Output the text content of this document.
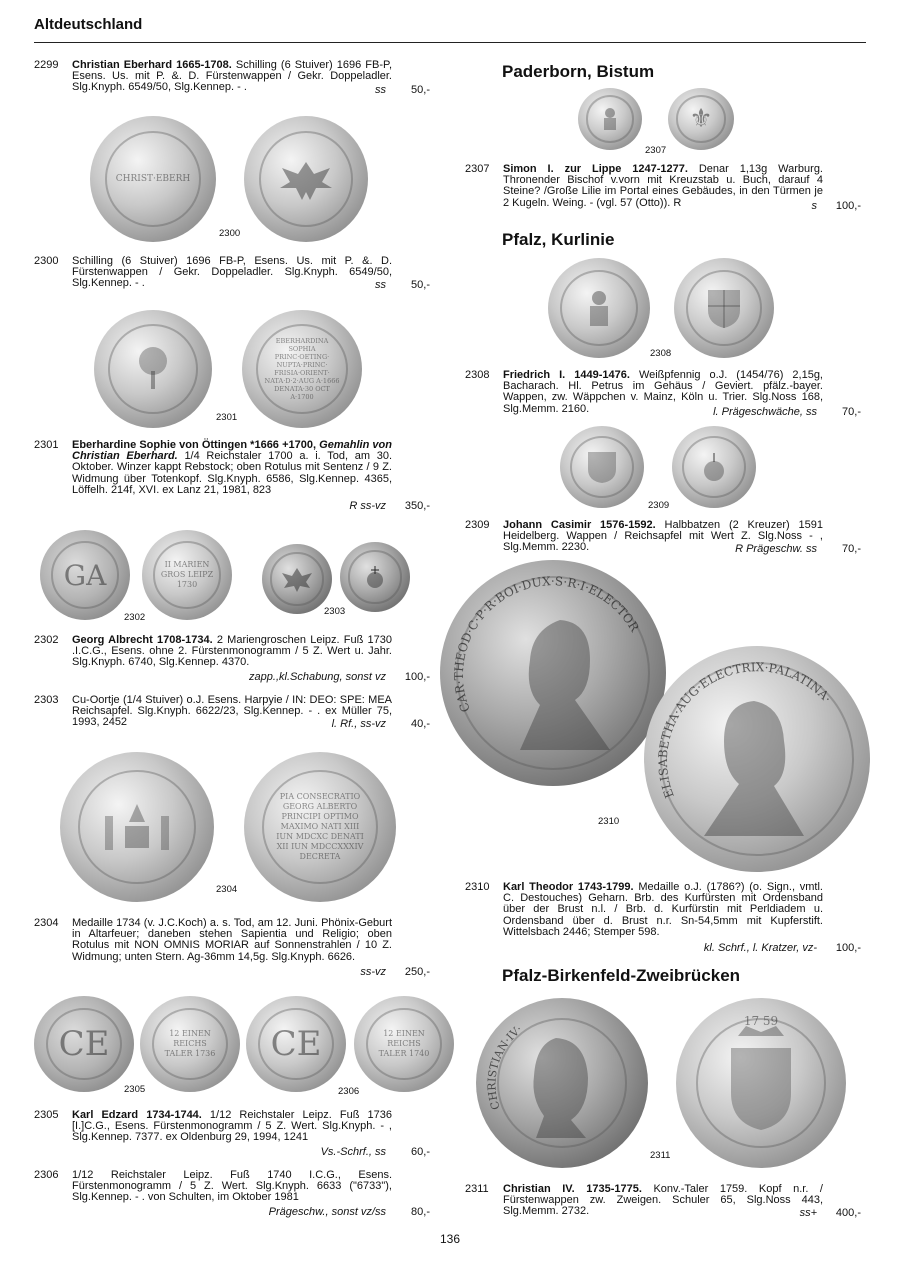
Altdeutschland
2299 Christian Eberhard 1665-1708. Schilling (6 Stuiver) 1696 FB-P, Esens. Us. mit P. &. D. Fürstenwappen / Gekr. Doppeladler. Slg.Knyph. 6549/50, Slg.Kennep. - .	ss 50,-
CHRIST·EBERH
2300
2300 Schilling (6 Stuiver) 1696 FB-P, Esens. Us. mit P. &. D. Fürstenwappen / Gekr. Doppeladler. Slg.Knyph. 6549/50, Slg.Kennep. - .	ss 50,-
EBERHARDINA SOPHIA PRINC·OETING· NUPTA·PRINC· FRISIA·ORIENT· NATA·D·2·AUG A·1666 DENATA·30 OCT A·1700
2301
2301 Eberhardine Sophie von Öttingen *1666 +1700, Gemahlin von Christian Eberhard. 1/4 Reichstaler 1700 a. i. Tod, am 30. Oktober. Winzer kappt Rebstock; oben Rotulus mit Sentenz / 9 Z. Widmung über Totenkopf. Slg.Knyph. 6586, Slg.Kennep. 4365, Löffelh. 214f, XVI. ex Lanz 21, 1981, 823
R ss-vz 350,-
GA	II MARIEN GROS LEIPZ 1730
2302
2303
2302 Georg Albrecht 1708-1734. 2 Mariengroschen Leipz. Fuß 1730 .I.C.G., Esens. ohne 2. Fürstenmonogramm / 5 Z. Wert u. Jahr. Slg.Knyph. 6740, Slg.Kennep. 4370.
zapp.,kl.Schabung, sonst vz 100,-
2303 Cu-Oortje (1/4 Stuiver) o.J. Esens. Harpyie / IN: DEO: SPE: MEA Reichsapfel. Slg.Knyph. 6622/23, Slg.Kennep. - . ex Müller 75, 1993, 2452	l. Rf., ss-vz 40,-
PIA CONSECRATIO GEORG ALBERTO PRINCIPI OPTIMO MAXIMO NATI XIII IUN MDCXC DENATI XII IUN MDCCXXXIV DECRETA
2304
2304 Medaille 1734 (v. J.C.Koch) a. s. Tod, am 12. Juni. Phönix-Geburt in Altarfeuer; daneben stehen Sapientia und Religio; oben Rotulus mit NON OMNIS MORIAR auf Sonnenstrahlen / 10 Z. Widmung; unten Stern. Ag-36mm 14,5g. Slg.Knyph. 6626.
ss-vz 250,-
CE	12 EINEN REICHS TALER 1736
2305
CE	12 EINEN REICHS TALER 1740
2306
2305 Karl Edzard 1734-1744. 1/12 Reichstaler Leipz. Fuß 1736 [I.]C.G., Esens. Fürstenmonogramm / 5 Z. Wert. Slg.Knyph. - , Slg.Kennep. 7377. ex Oldenburg 29, 1994, 1241
Vs.-Schrf., ss 60,-
2306 1/12 Reichstaler Leipz. Fuß 1740 I.C.G., Esens. Fürstenmonogramm / 5 Z. Wert. Slg.Knyph. 6633 ("6733"), Slg.Kennep. - . von Schulten, im Oktober 1981
Prägeschw., sonst vz/ss 80,-
Paderborn, Bistum
⚜
2307
2307 Simon I. zur Lippe 1247-1277. Denar 1,13g Warburg. Thronender Bischof v.vorn mit Kreuzstab u. Buch, darauf 4 Steine? /Große Lilie im Portal eines Gebäudes, in den Türmen je 2 Kugeln. Weing. - (vgl. 57 (Otto)). R	s 100,-
Pfalz, Kurlinie
2308
2308 Friedrich I. 1449-1476. Weißpfennig o.J. (1454/76) 2,15g, Bacharach. Hl. Petrus im Gehäus / Geviert. pfälz.-bayer. Wappen, zw. Wäppchen v. Mainz, Köln u. Trier. Slg.Noss 168, Slg.Memm. 2160.	l. Prägeschwäche, ss 70,-
2309
2309 Johann Casimir 1576-1592. Halbbatzen (2 Kreuzer) 1591 Heidelberg. Wappen / Reichsapfel mit Wert Z. Slg.Noss - , Slg.Memm. 2230.	R Prägeschw. ss 70,-
CAR·THEOD·C·P·R·BOI·DUX·S·R·I·ELECTOR
ELISABETHA·AUG·ELECTRIX·PALATINA·
2310
2310 Karl Theodor 1743-1799. Medaille o.J. (1786?) (o. Sign., vmtl. C. Destouches) Geharn. Brb. des Kurfürsten mit Ordensband über der Brust n.l. / Brb. d. Kurfürstin mit Perldiadem u. Ordensband über d. Brust n.r. Sn-54,5mm mit Kupferstift. Wittelsbach 2446; Stemper 598.
kl. Schrf., l. Kratzer, vz- 100,-
Pfalz-Birkenfeld-Zweibrücken
CHRISTIAN·IV·
17 59
2311
2311 Christian IV. 1735-1775. Konv.-Taler 1759. Kopf n.r. / Fürstenwappen zw. Zweigen. Schuler 65, Slg.Noss 443, Slg.Memm. 2732.	ss+ 400,-
136
